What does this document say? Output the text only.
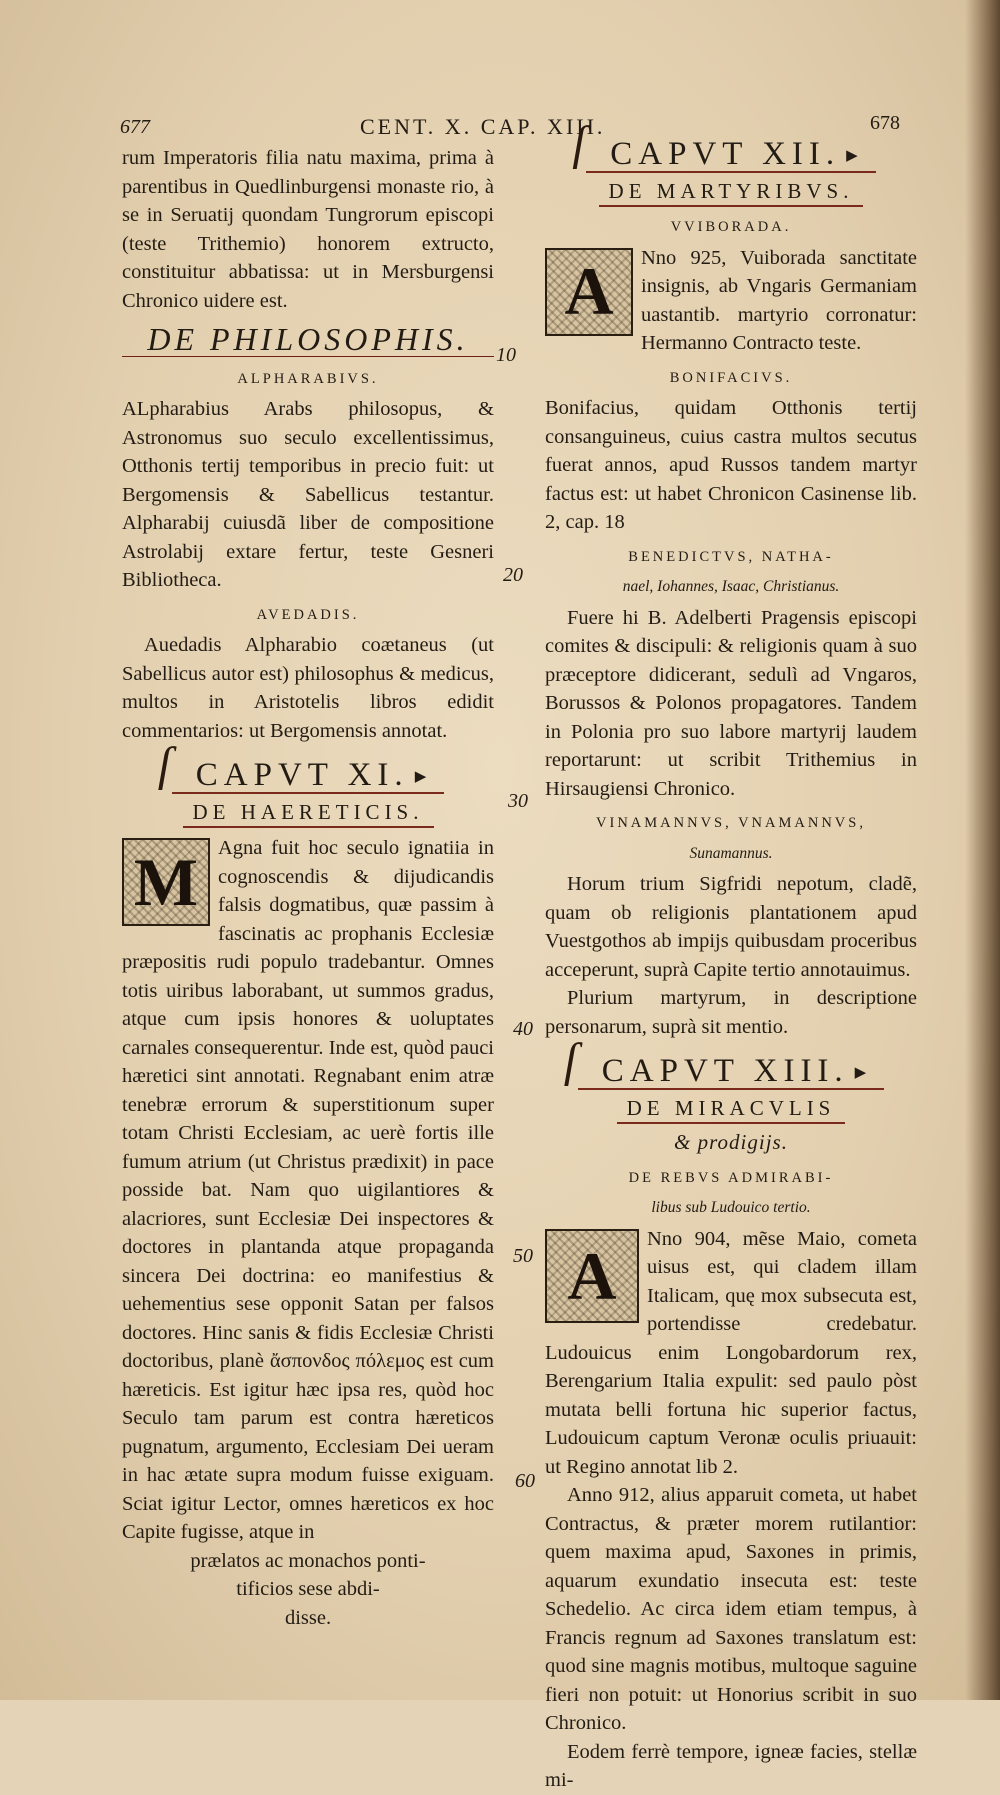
677	CENT. X. CAP. XIII.	678

rum Imperatoris filia natu maxima, prima à parentibus in Quedlinburgensi monaste rio, à se in Seruatij quondam Tungrorum episcopi (teste Trithemio) honorem extructo, constituitur abbatissa: ut in Mersburgensi Chronico uidere est.

DE PHILOSOPHIS.
ALPHARABIVS.

ALpharabius Arabs philosopus, & Astronomus suo seculo excellentissimus, Otthonis tertij temporibus in precio fuit: ut Bergomensis & Sabellicus testantur. Alpharabij cuiusdã liber de compositione Astrolabij extare fertur, teste Gesneri Bibliotheca.

AVEDADIS.

Auedadis Alpharabio coætaneus (ut Sabellicus autor est) philosophus & medicus, multos in Aristotelis libros edidit commentarios: ut Bergomensis annotat.

ſ CAPVT XI. ▶
DE HAERETICIS.
M Agna fuit hoc seculo ignatiia in cognoscendis & dijudicandis falsis dogmatibus, quæ passim à fascinatis ac prophanis Ecclesiæ præpositis rudi populo tradebantur. Omnes totis uiribus laborabant, ut summos gradus, atque cum ipsis honores & uoluptates carnales consequerentur. Inde est, quòd pauci hæretici sint annotati. Regnabant enim atræ tenebræ errorum & superstitionum super totam Christi Ecclesiam, ac uerè fortis ille fumum atrium (ut Christus prædixit) in pace posside bat. Nam quo uigilantiores & alacriores, sunt Ecclesiæ Dei inspectores & doctores in plantanda atque propaganda sincera Dei doctrina: eo manifestius & uehementius sese opponit Satan per falsos doctores. Hinc sanis & fidis Ecclesiæ Christi doctoribus, planè ἄσπονδος πόλεμος est cum hæreticis. Est igitur hæc ipsa res, quòd hoc Seculo tam parum est contra hæreticos pugnatum, argumento, Ecclesiam Dei ueram in hac ætate supra modum fuisse exiguam. Sciat igitur Lector, omnes hæreticos ex hoc Capite fugisse, atque in

prælatos ac monachos ponti-

tificios sese abdi-

disse.

10
20
30
40
50
60
ſ CAPVT XII. ▶
DE MARTYRIBVS.
VVIBORADA.
A	Nno 925, Vuiborada sanctitate insignis, ab Vngaris Germaniam uastantib. martyrio corronatur: Hermanno Contracto teste.

BONIFACIVS.

Bonifacius, quidam Otthonis tertij consanguineus, cuius castra multos secutus fuerat annos, apud Russos tandem martyr factus est: ut habet Chronicon Casinense lib. 2, cap. 18

BENEDICTVS, NATHA-
nael, Iohannes, Isaac, Christianus.

Fuere hi B. Adelberti Pragensis episcopi comites & discipuli: & religionis quam à suo præceptore didicerant, sedulì ad Vngaros, Borussos & Polonos propagatores. Tandem in Polonia pro suo labore martyrij laudem reportarunt: ut scribit Trithemius in Hirsaugiensi Chronico.

VINAMANNVS, VNAMANNVS,
Sunamannus.

Horum trium Sigfridi nepotum, cladẽ, quam ob religionis plantationem apud Vuestgothos ab impijs quibusdam proceribus acceperunt, suprà Capite tertio annotauimus.

Plurium martyrum, in descriptione personarum, suprà sit mentio.

ſ CAPVT XIII. ▶
DE MIRACVLIS
& prodigijs.
DE REBVS ADMIRABI-
libus sub Ludouico tertio.
A	Nno 904, mẽse Maio, cometa uisus est, qui cladem illam Italicam, quę mox subsecuta est, portendisse credebatur. Ludouicus enim Longobardorum rex, Berengarium Italia expulit: sed paulo pòst mutata belli fortuna hic superior factus, Ludouicum captum Veronæ oculis priuauit: ut Regino annotat lib 2.

Anno 912, alius apparuit cometa, ut habet Contractus, & præter morem rutilantior: quem maxima apud, Saxones in primis, aquarum exundatio insecuta est: teste Schedelio. Ac circa idem etiam tempus, à Francis regnum ad Saxones translatum est: quod sine magnis motibus, multoque saguine fieri non potuit: ut Honorius scribit in suo Chronico.

Eodem ferrè tempore, igneæ facies, stellæ mi-
